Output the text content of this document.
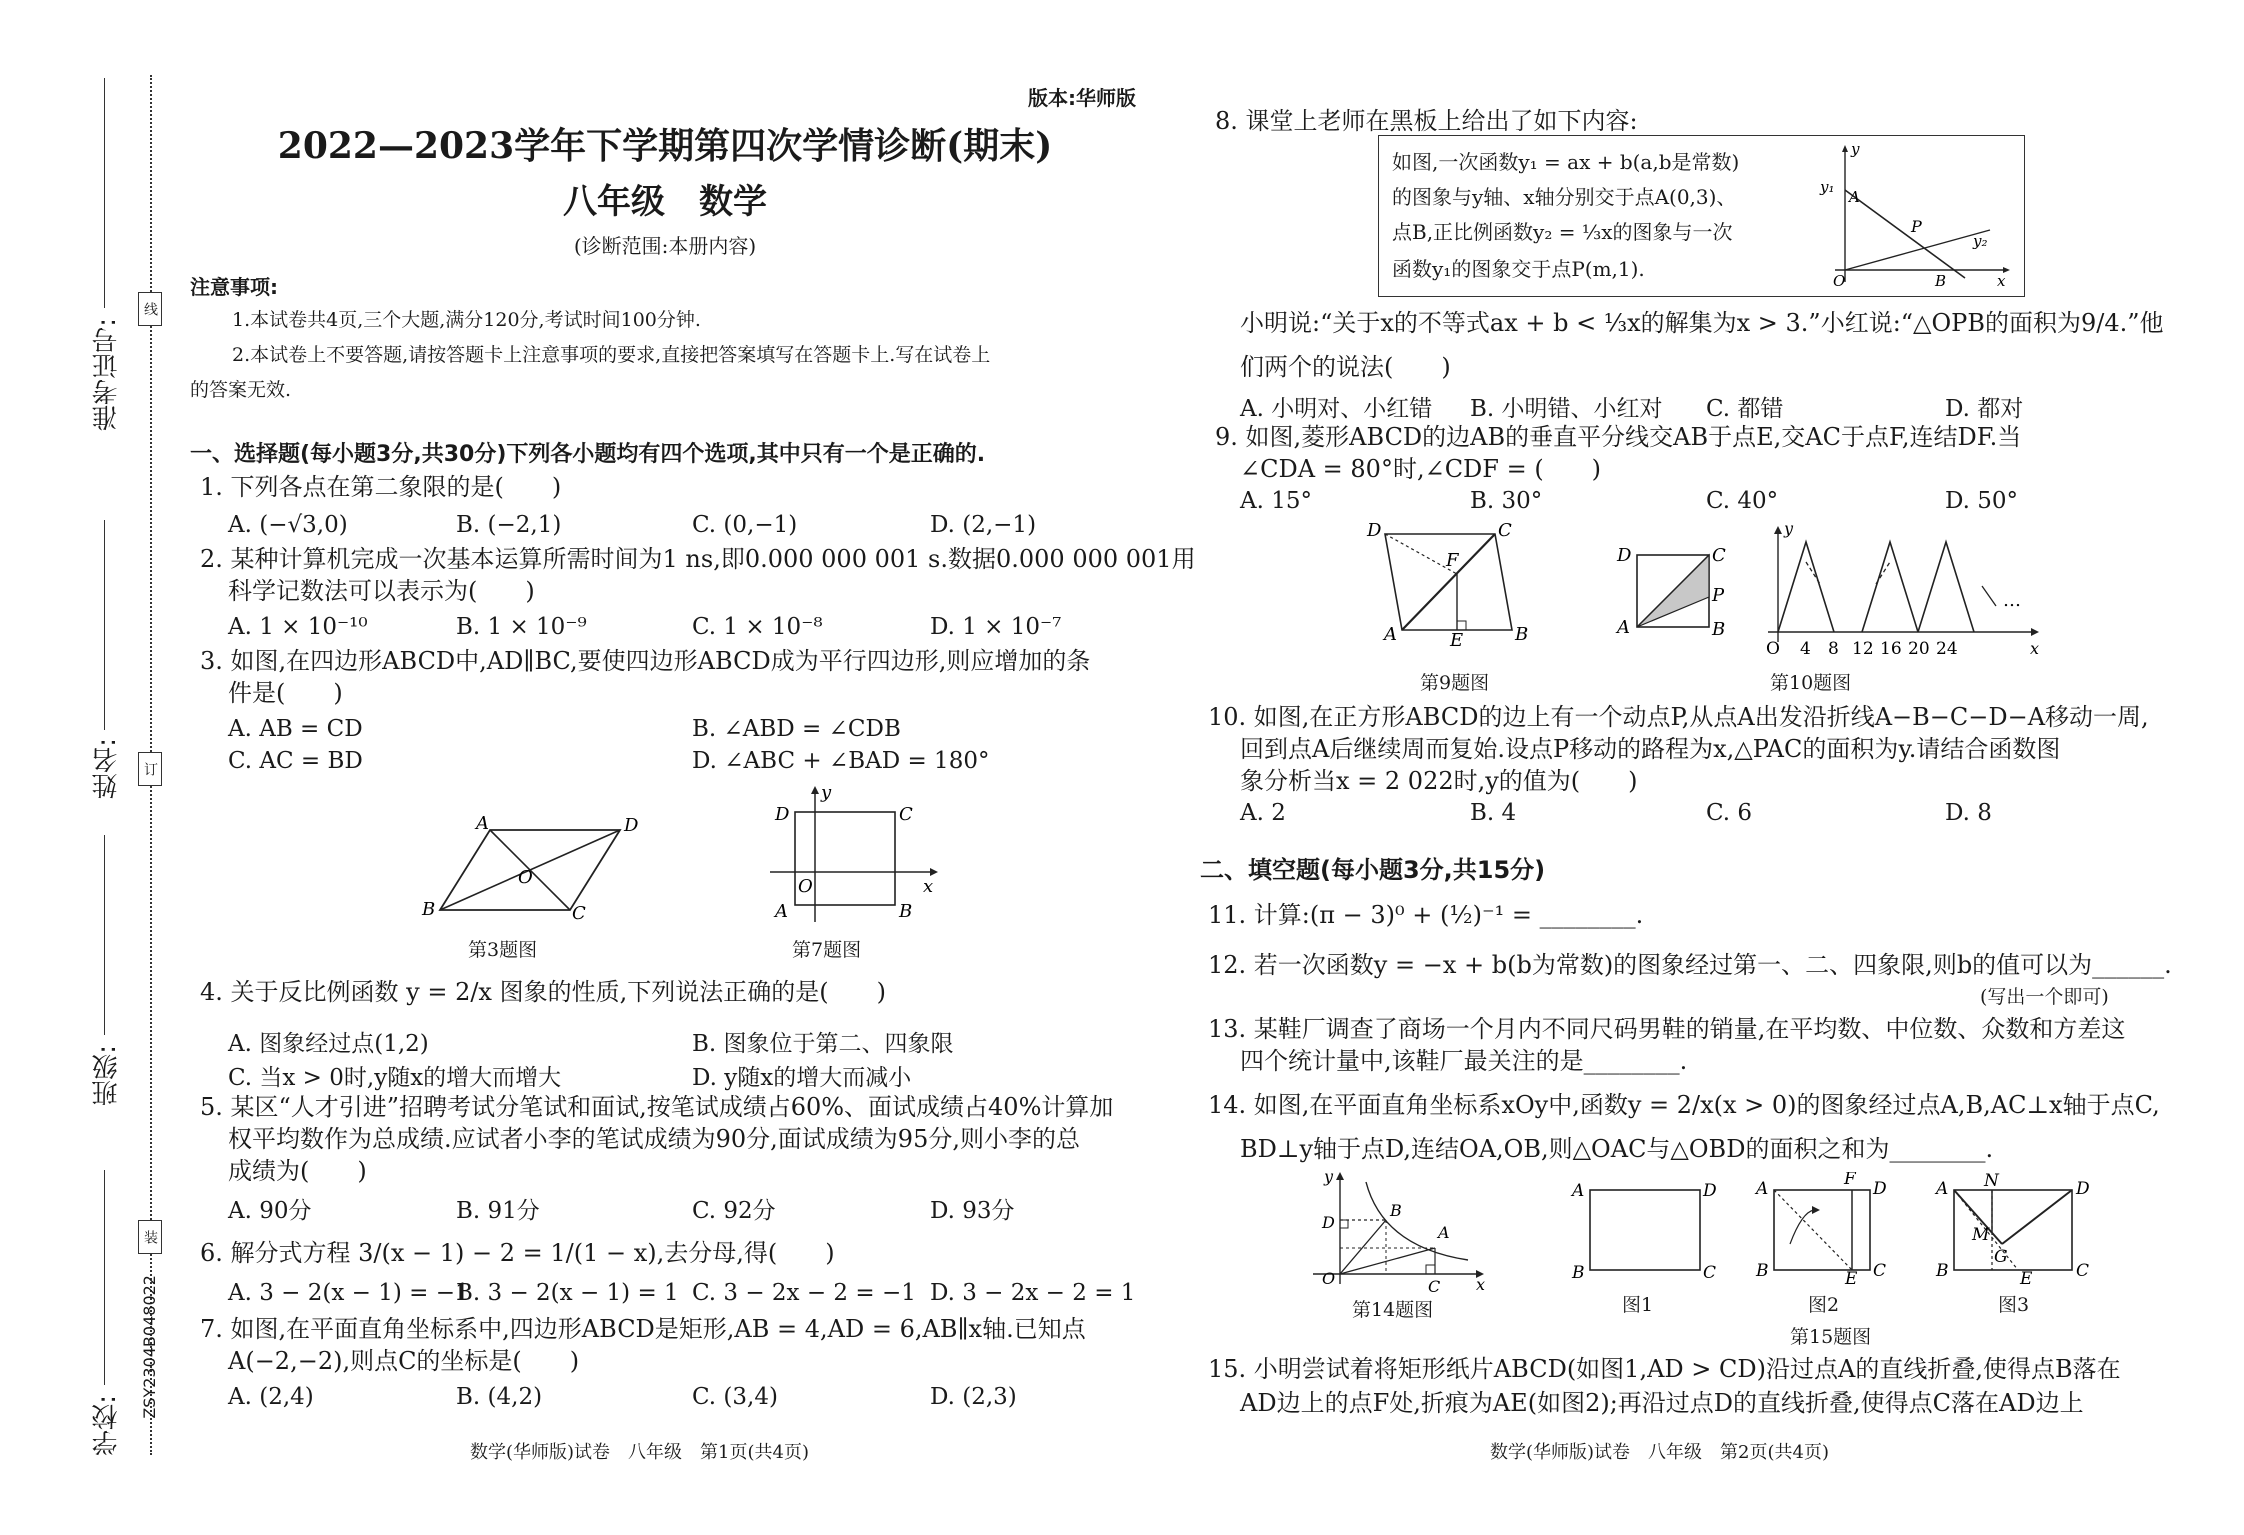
线
订
装
准考证号:
姓名:
班级:
学校:
ZSY2304B048022
版本:华师版
2022—2023学年下学期第四次学情诊断(期末)
八年级　数学
(诊断范围:本册内容)
注意事项:
1.本试卷共4页,三个大题,满分120分,考试时间100分钟.
2.本试卷上不要答题,请按答题卡上注意事项的要求,直接把答案填写在答题卡上.写在试卷上
的答案无效.
一、选择题(每小题3分,共30分)下列各小题均有四个选项,其中只有一个是正确的.
1. 下列各点在第二象限的是(　　)
A. (−√3,0)	B. (−2,1)	C. (0,−1)	D. (2,−1)
2. 某种计算机完成一次基本运算所需时间为1 ns,即0.000 000 001 s.数据0.000 000 001用
科学记数法可以表示为(　　)
A. 1 × 10⁻¹⁰	B. 1 × 10⁻⁹	C. 1 × 10⁻⁸	D. 1 × 10⁻⁷
3. 如图,在四边形ABCD中,AD∥BC,要使四边形ABCD成为平行四边形,则应增加的条
件是(　　)
A. AB = CD	B. ∠ABD = ∠CDB
C. AC = BD	D. ∠ABC + ∠BAD = 180°
A	D
B	C
O
第3题图
D	C
A	B
O
y
x
第7题图
4. 关于反比例函数 y = 2/x 图象的性质,下列说法正确的是(　　)
A. 图象经过点(1,2)	B. 图象位于第二、四象限
C. 当x > 0时,y随x的增大而增大	D. y随x的增大而减小
5. 某区“人才引进”招聘考试分笔试和面试,按笔试成绩占60%、面试成绩占40%计算加
权平均数作为总成绩.应试者小李的笔试成绩为90分,面试成绩为95分,则小李的总
成绩为(　　)
A. 90分	B. 91分	C. 92分	D. 93分
6. 解分式方程 3/(x − 1) − 2 = 1/(1 − x),去分母,得(　　)
A. 3 − 2(x − 1) = −1
B. 3 − 2(x − 1) = 1 C. 3 − 2x − 2 = −1 D. 3 − 2x − 2 = 1
7. 如图,在平面直角坐标系中,四边形ABCD是矩形,AB = 4,AD = 6,AB∥x轴.已知点
A(−2,−2),则点C的坐标是(　　)
A. (2,4)	B. (4,2)	C. (3,4)	D. (2,3)
数学(华师版)试卷　八年级　第1页(共4页)
8. 课堂上老师在黑板上给出了如下内容:
如图,一次函数y₁ = ax + b(a,b是常数)
的图象与y轴、x轴分别交于点A(0,3)、
点B,正比例函数y₂ = ⅓x的图象与一次
函数y₁的图象交于点P(m,1).
y
y₁
A
P
y₂
O	B	x
小明说:“关于x的不等式ax + b < ⅓x的解集为x > 3.”小红说:“△OPB的面积为9/4.”他
们两个的说法(　　)
A. 小明对、小红错 B. 小明错、小红对 C. 都错	D. 都对
9. 如图,菱形ABCD的边AB的垂直平分线交AB于点E,交AC于点F,连结DF.当
∠CDA = 80°时,∠CDF = (　　)
A. 15°	B. 30°	C. 40°	D. 50°
D	C
F
A	E	B
第9题图
D	C
P
A	B
y
x
…
O 4 8 12 16 20 24
第10题图
10. 如图,在正方形ABCD的边上有一个动点P,从点A出发沿折线A−B−C−D−A移动一周,
回到点A后继续周而复始.设点P移动的路程为x,△PAC的面积为y.请结合函数图
象分析当x = 2 022时,y的值为(　　)
A. 2	B. 4	C. 6	D. 8
二、填空题(每小题3分,共15分)
11. 计算:(π − 3)⁰ + (½)⁻¹ = ________.
12. 若一次函数y = −x + b(b为常数)的图象经过第一、二、四象限,则b的值可以为______.
(写出一个即可)
13. 某鞋厂调查了商场一个月内不同尺码男鞋的销量,在平均数、中位数、众数和方差这
四个统计量中,该鞋厂最关注的是________.
14. 如图,在平面直角坐标系xOy中,函数y = 2/x(x > 0)的图象经过点A,B,AC⊥x轴于点C,
BD⊥y轴于点D,连结OA,OB,则△OAC与△OBD的面积之和为________.
y
D
B
A
O	C x
第14题图
A	D
B	C
图1
A	F D
B	E C
图2
A N	D
M
G
B	E	C
图3
第15题图
15. 小明尝试着将矩形纸片ABCD(如图1,AD > CD)沿过点A的直线折叠,使得点B落在
AD边上的点F处,折痕为AE(如图2);再沿过点D的直线折叠,使得点C落在AD边上
数学(华师版)试卷　八年级　第2页(共4页)
